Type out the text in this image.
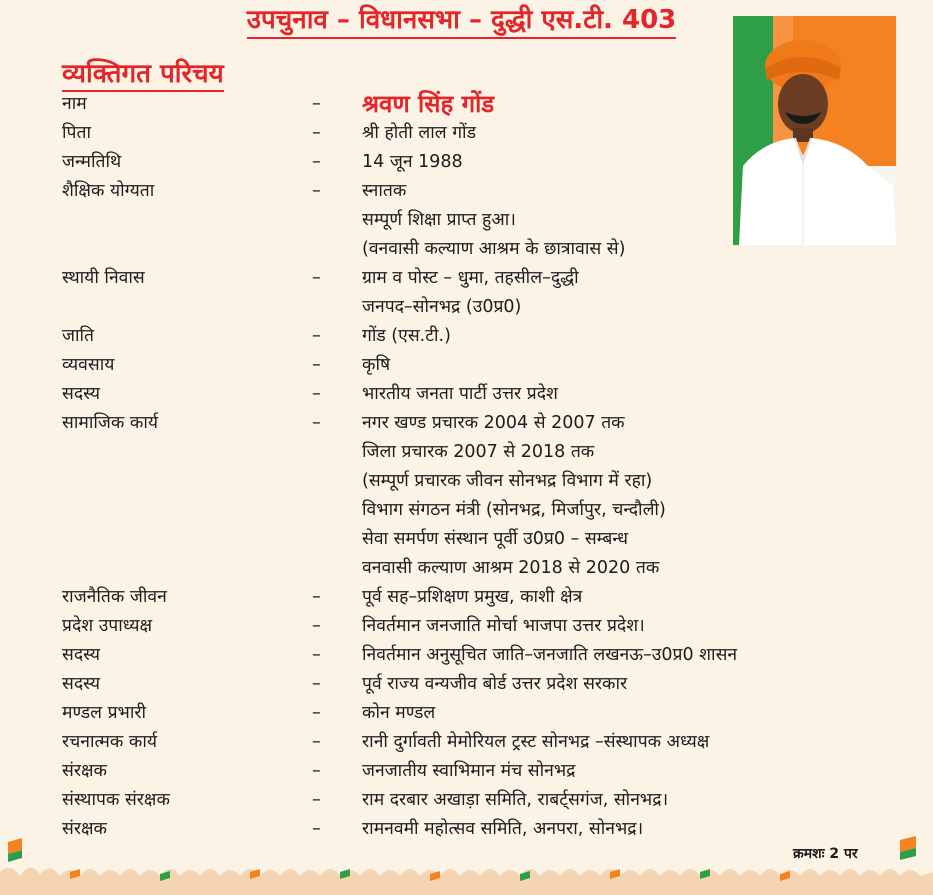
उपचुनाव – विधानसभा – दुद्धी एस.टी. 403
व्यक्तिगत परिचय
नाम	– श्रवण सिंह गोंड
पिता	– श्री होती लाल गोंड
जन्मतिथि	– 14 जून 1988
शैक्षिक योग्यता	– स्नातक
सम्पूर्ण शिक्षा प्राप्त हुआ।
(वनवासी कल्याण आश्रम के छात्रावास से)
स्थायी निवास	– ग्राम व पोस्ट – धुमा, तहसील–दुद्धी
जनपद–सोनभद्र (उ0प्र0)
जाति	– गोंड (एस.टी.)
व्यवसाय	– कृषि
सदस्य	– भारतीय जनता पार्टी उत्तर प्रदेश
सामाजिक कार्य	– नगर खण्ड प्रचारक 2004 से 2007 तक
जिला प्रचारक 2007 से 2018 तक
(सम्पूर्ण प्रचारक जीवन सोनभद्र विभाग में रहा)
विभाग संगठन मंत्री (सोनभद्र, मिर्जापुर, चन्दौली)
सेवा समर्पण संस्थान पूर्वी उ0प्र0 – सम्बन्ध
वनवासी कल्याण आश्रम 2018 से 2020 तक
राजनैतिक जीवन	– पूर्व सह–प्रशिक्षण प्रमुख, काशी क्षेत्र
प्रदेश उपाध्यक्ष	– निवर्तमान जनजाति मोर्चा भाजपा उत्तर प्रदेश।
सदस्य	– निवर्तमान अनुसूचित जाति–जनजाति लखनऊ–उ0प्र0 शासन
सदस्य	– पूर्व राज्य वन्यजीव बोर्ड उत्तर प्रदेश सरकार
मण्डल प्रभारी	– कोन मण्डल
रचनात्मक कार्य	– रानी दुर्गावती मेमोरियल ट्रस्ट सोनभद्र –संस्थापक अध्यक्ष
संरक्षक	– जनजातीय स्वाभिमान मंच सोनभद्र
संस्थापक संरक्षक	– राम दरबार अखाड़ा समिति, राबर्ट्सगंज, सोनभद्र।
संरक्षक	– रामनवमी महोत्सव समिति, अनपरा, सोनभद्र।
क्रमशः 2 पर
